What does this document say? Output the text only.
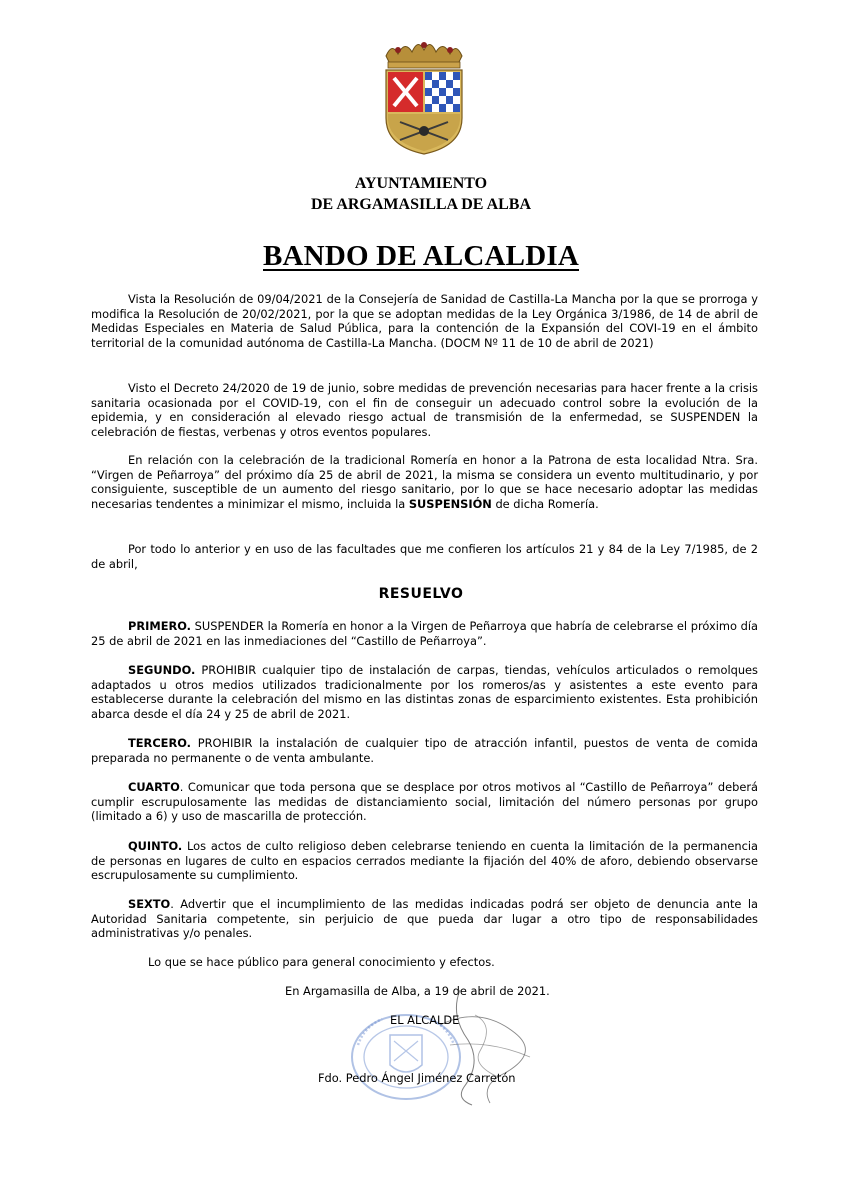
AYUNTAMIENTO
DE ARGAMASILLA DE ALBA
BANDO DE ALCALDIA

Vista la Resolución de 09/04/2021 de la Consejería de Sanidad de Castilla-La Mancha por la que se prorroga y modifica la Resolución de 20/02/2021, por la que se adoptan medidas de la Ley Orgánica 3/1986, de 14 de abril de Medidas Especiales en Materia de Salud Pública, para la contención de la Expansión del COVI-19 en el ámbito territorial de la comunidad autónoma de Castilla-La Mancha. (DOCM Nº 11 de 10 de abril de 2021)

Visto el Decreto 24/2020 de 19 de junio, sobre medidas de prevención necesarias para hacer frente a la crisis sanitaria ocasionada por el COVID-19, con el fin de conseguir un adecuado control sobre la evolución de la epidemia, y en consideración al elevado riesgo actual de transmisión de la enfermedad, se SUSPENDEN la celebración de fiestas, verbenas y otros eventos populares.

En relación con la celebración de la tradicional Romería en honor a la Patrona de esta localidad Ntra. Sra. “Virgen de Peñarroya” del próximo día 25 de abril de 2021, la misma se considera un evento multitudinario, y por consiguiente, susceptible de un aumento del riesgo sanitario, por lo que se hace necesario adoptar las medidas necesarias tendentes a minimizar el mismo, incluida la SUSPENSIÓN de dicha Romería.

Por todo lo anterior y en uso de las facultades que me confieren los artículos 21 y 84 de la Ley 7/1985, de 2 de abril,

RESUELVO

PRIMERO. SUSPENDER la Romería en honor a la Virgen de Peñarroya que habría de celebrarse el próximo día 25 de abril de 2021 en las inmediaciones del “Castillo de Peñarroya”.

SEGUNDO. PROHIBIR cualquier tipo de instalación de carpas, tiendas, vehículos articulados o remolques adaptados u otros medios utilizados tradicionalmente por los romeros/as y asistentes a este evento para establecerse durante la celebración del mismo en las distintas zonas de esparcimiento existentes. Esta prohibición abarca desde el día 24 y 25 de abril de 2021.

TERCERO. PROHIBIR la instalación de cualquier tipo de atracción infantil, puestos de venta de comida preparada no permanente o de venta ambulante.

CUARTO. Comunicar que toda persona que se desplace por otros motivos al “Castillo de Peñarroya” deberá cumplir escrupulosamente las medidas de distanciamiento social, limitación del número personas por grupo (limitado a 6) y uso de mascarilla de protección.

QUINTO. Los actos de culto religioso deben celebrarse teniendo en cuenta la limitación de la permanencia de personas en lugares de culto en espacios cerrados mediante la fijación del 40% de aforo, debiendo observarse escrupulosamente su cumplimiento.

SEXTO. Advertir que el incumplimiento de las medidas indicadas podrá ser objeto de denuncia ante la Autoridad Sanitaria competente, sin perjuicio de que pueda dar lugar a otro tipo de responsabilidades administrativas y/o penales.

Lo que se hace público para general conocimiento y efectos.
En Argamasilla de Alba, a 19 de abril de 2021.
EL ALCALDE
Fdo. Pedro Ángel Jiménez Carretón
